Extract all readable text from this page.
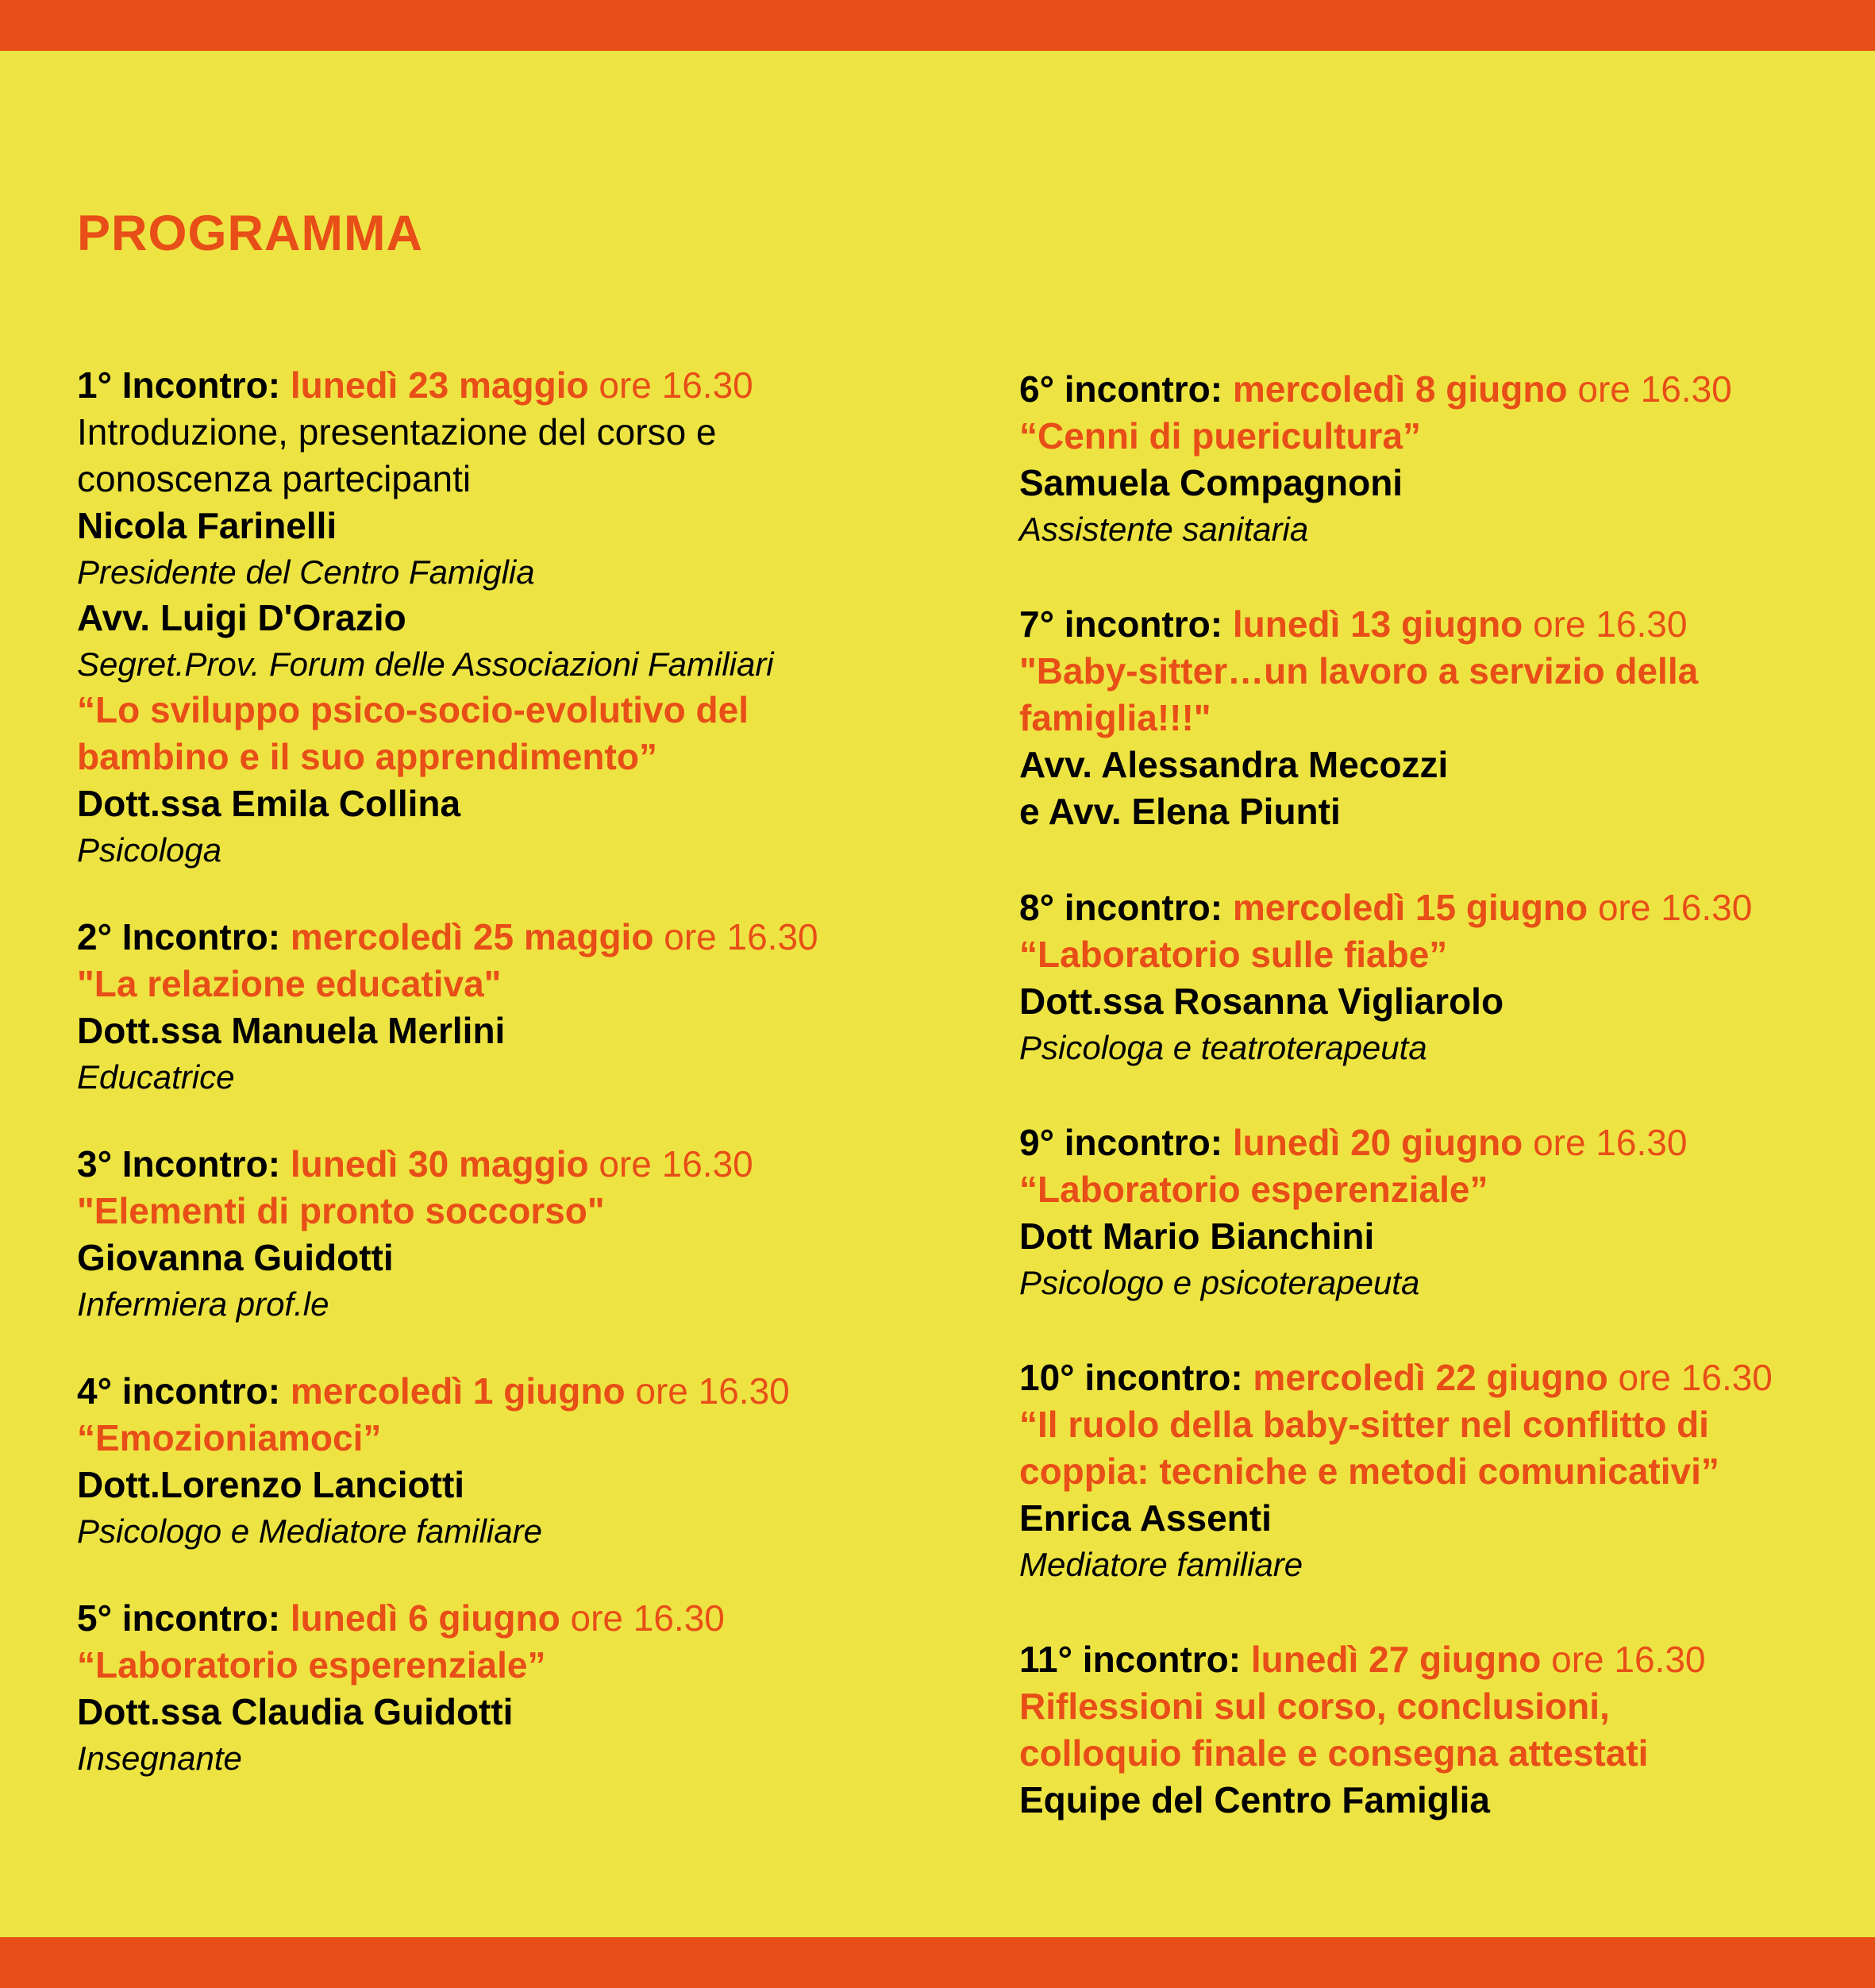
PROGRAMMA
1° Incontro: lunedì 23 maggio ore 16.30
Introduzione, presentazione del corso e
conoscenza partecipanti
Nicola Farinelli
Presidente del Centro Famiglia
Avv. Luigi D'Orazio
Segret.Prov. Forum delle Associazioni Familiari
“Lo sviluppo psico-socio-evolutivo del
bambino e il suo apprendimento”
Dott.ssa Emila Collina
Psicologa
2° Incontro: mercoledì 25 maggio ore 16.30
"La relazione educativa"
Dott.ssa Manuela Merlini
Educatrice
3° Incontro: lunedì 30 maggio ore 16.30
"Elementi di pronto soccorso"
Giovanna Guidotti
Infermiera prof.le
4° incontro: mercoledì 1 giugno ore 16.30
“Emozioniamoci”
Dott.Lorenzo Lanciotti
Psicologo e Mediatore familiare
5° incontro: lunedì 6 giugno ore 16.30
“Laboratorio esperenziale”
Dott.ssa Claudia Guidotti
Insegnante
6° incontro: mercoledì 8 giugno ore 16.30
“Cenni di puericultura”
Samuela Compagnoni
Assistente sanitaria
7° incontro: lunedì 13 giugno ore 16.30
"Baby-sitter…un lavoro a servizio della
famiglia!!!"
Avv. Alessandra Mecozzi
e Avv. Elena Piunti
8° incontro: mercoledì 15 giugno ore 16.30
“Laboratorio sulle fiabe”
Dott.ssa Rosanna Vigliarolo
Psicologa e teatroterapeuta
9° incontro: lunedì 20 giugno ore 16.30
“Laboratorio esperenziale”
Dott Mario Bianchini
Psicologo e psicoterapeuta
10° incontro: mercoledì 22 giugno ore 16.30
“Il ruolo della baby-sitter nel conflitto di
coppia: tecniche e metodi comunicativi”
Enrica Assenti
Mediatore familiare
11° incontro: lunedì 27 giugno ore 16.30
Riflessioni sul corso, conclusioni,
colloquio finale e consegna attestati
Equipe del Centro Famiglia
